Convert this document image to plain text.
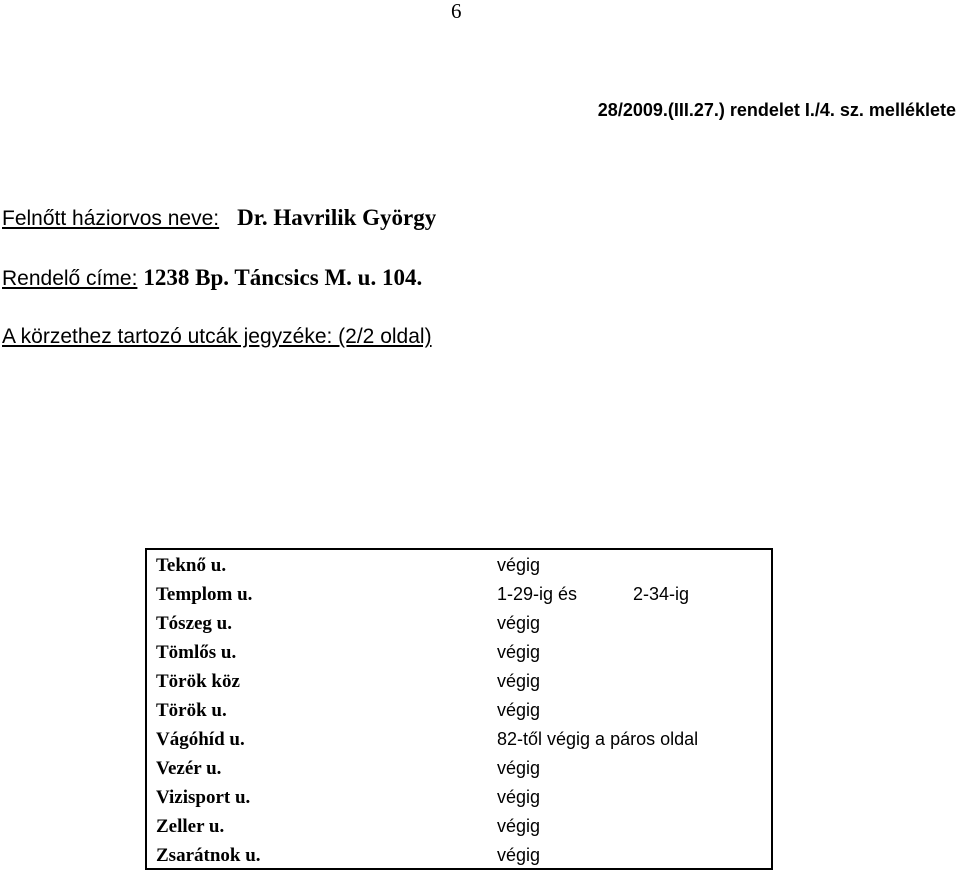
6
28/2009.(III.27.) rendelet I./4. sz. melléklete
Felnőtt háziorvos neve: Dr. Havrilik György
Rendelő címe: 1238 Bp. Táncsics M. u. 104.
A körzethez tartozó utcák jegyzéke: (2/2 oldal)
Teknő u.	végig
Templom u.	1-29-ig és	2-34-ig
Tószeg u.	végig
Tömlős u.	végig
Török köz	végig
Török u.	végig
Vágóhíd u.	82-től végig a páros oldal
Vezér u.	végig
Vizisport u.	végig
Zeller u.	végig
Zsarátnok u.	végig
